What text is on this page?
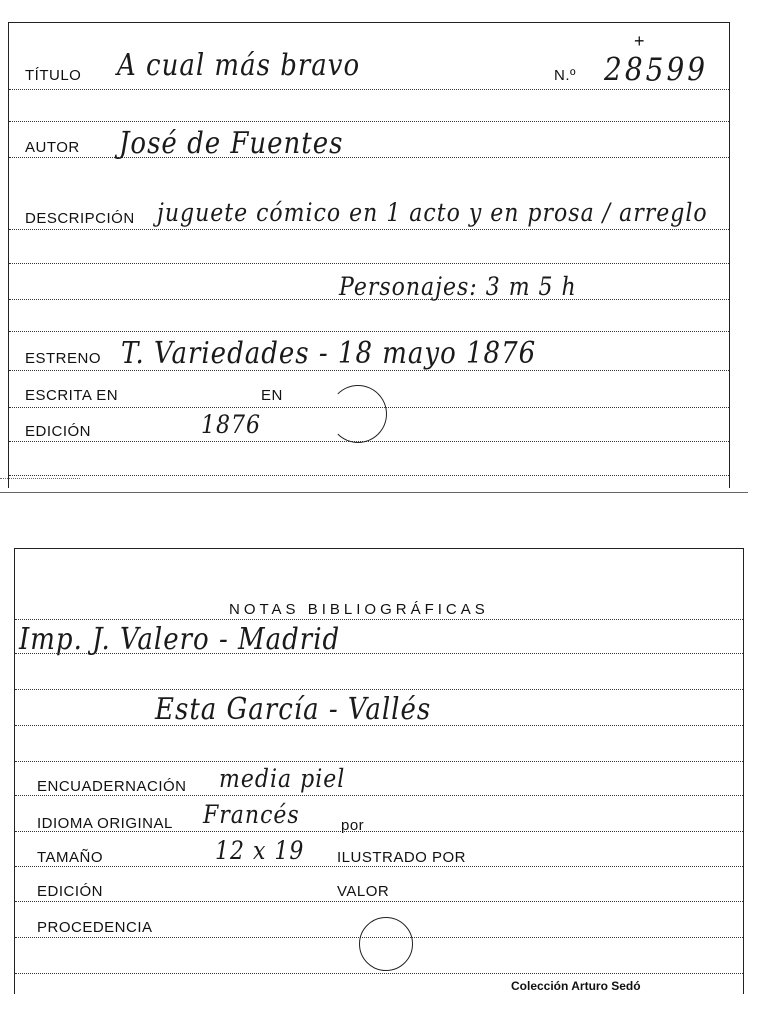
TÍTULO A cual más bravo	N.º 28599
+
AUTOR José de Fuentes
DESCRIPCIÓN juguete cómico en 1 acto y en prosa / arreglo
Personajes: 3 m 5 h
ESTRENO T. Variedades - 18 mayo 1876
ESCRITA EN	EN
EDICIÓN	1876
NOTAS BIBLIOGRÁFICAS
Imp. J. Valero - Madrid
Esta García - Vallés
ENCUADERNACIÓN media piel
IDIOMA ORIGINAL Francés	por
TAMAÑO	12 x 19 ILUSTRADO POR
EDICIÓN	VALOR
PROCEDENCIA
Colección Arturo Sedó
